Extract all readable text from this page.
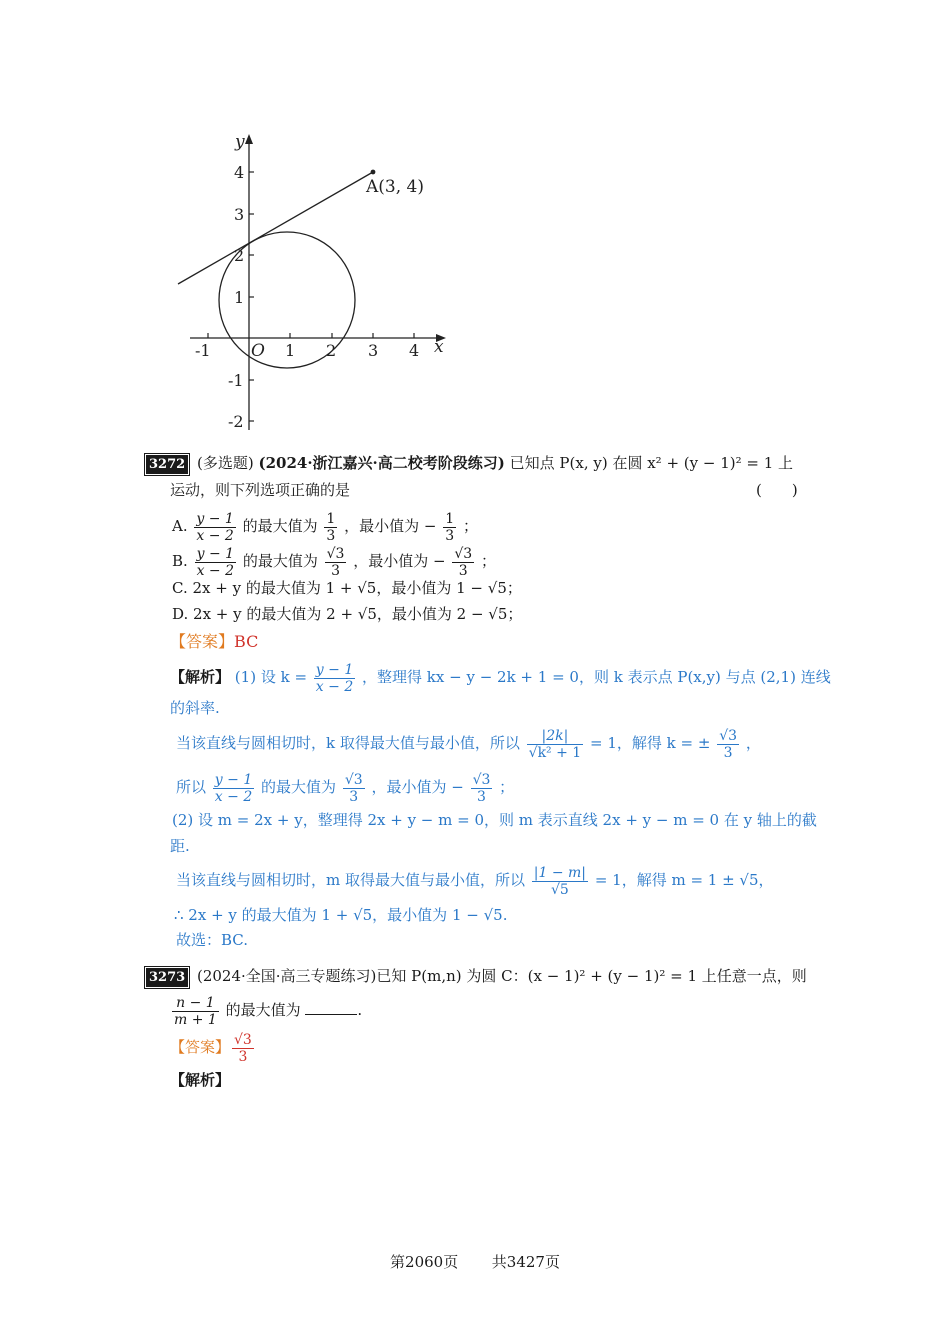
y
x
O
A(3, 4)
-1	1 2 3 4
4
3
2
1
-1
-2
3272 (多选题) (2024·浙江嘉兴·高二校考阶段练习) 已知点 P(x, y) 在圆 x² + (y − 1)² = 1 上
运动，则下列选项正确的是	(　　)
A. $\frac{y - 1}{x - 2}$ 的最大值为 $\frac{1}{3}$ ，最小值为 − $\frac{1}{3}$ ；
B. $\frac{y - 1}{x - 2}$ 的最大值为 $\frac{√3}{3}$ ，最小值为 − $\frac{√3}{3}$ ；
C. 2x + y 的最大值为 1 + √5，最小值为 1 − √5；
D. 2x + y 的最大值为 2 + √5，最小值为 2 − √5；
【答案】BC
【解析】 (1) 设 $k = \frac{y - 1}{x - 2}$ ，整理得 kx − y − 2k + 1 = 0，则 k 表示点 P(x,y) 与点 (2,1) 连线
的斜率.
当该直线与圆相切时，k 取得最大值与最小值，所以 $\frac{|2k|}{\text{√k² + 1}} = 1$，解得 k = ± $\frac{√3}{3}$ ，
所以 $\frac{y - 1}{x - 2}$ 的最大值为 $\frac{√3}{3}$ ，最小值为 − $\frac{√3}{3}$ ；
(2) 设 m = 2x + y，整理得 2x + y − m = 0，则 m 表示直线 2x + y − m = 0 在 y 轴上的截
距.
当该直线与圆相切时，m 取得最大值与最小值，所以 $\frac{|1 - m|}{√5} = 1$，解得 m = 1 ± √5，
∴ 2x + y 的最大值为 1 + √5，最小值为 1 − √5.
故选：BC.
3273 (2024·全国·高三专题练习)已知 P(m,n) 为圆 C：(x − 1)² + (y − 1)² = 1 上任意一点，则
$\frac{n - 1}{m + 1}$ 的最大值为	.
【答案】 $\frac{√3}{3}$
【解析】
第2060页 共3427页
